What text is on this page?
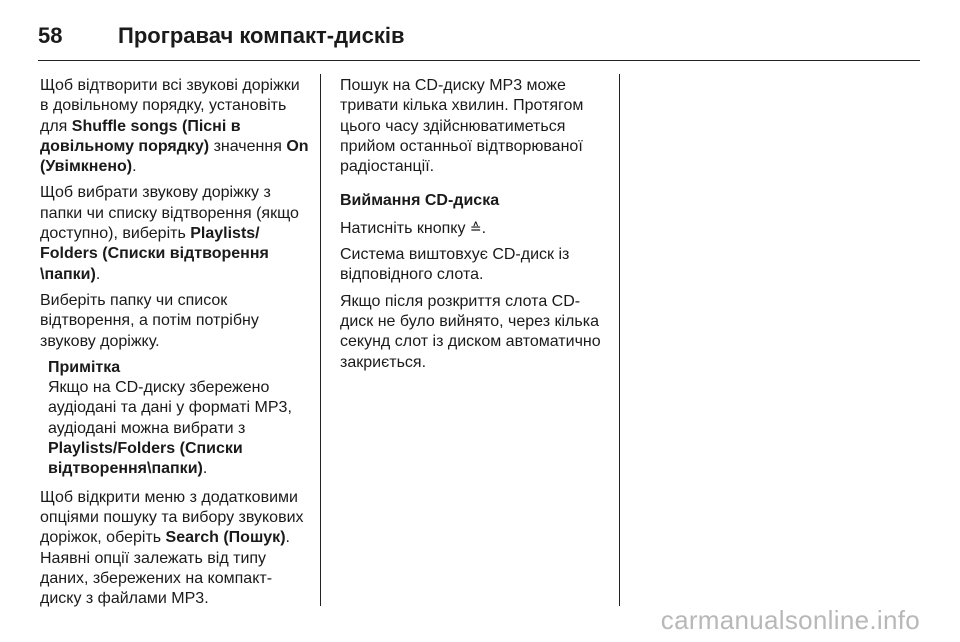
58	Програвач компакт-дисків

Щоб відтворити всі звукові доріжки в довільному порядку, установіть для Shuffle songs (Пісні в довільному порядку) значення On (Увімкнено).

Щоб вибрати звукову доріжку з папки чи списку відтворення (якщо доступно), виберіть Playlists/ Folders (Списки відтворення \папки).

Виберіть папку чи список відтворення, а потім потрібну звукову доріжку.

Примітка
Якщо на CD-диску збережено аудіодані та дані у форматі MP3, аудіодані можна вибрати з Playlists/Folders (Списки відтворення\папки).

Щоб відкрити меню з додатковими опціями пошуку та вибору звукових доріжок, оберіть Search (Пошук). Наявні опції залежать від типу даних, збережених на компакт-диску з файлами MP3.

Пошук на CD-диску MP3 може тривати кілька хвилин. Протягом цього часу здійснюватиметься прийом останньої відтворюваної радіостанції.

Виймання CD-диска

Натисніть кнопку ≙.

Система виштовхує CD-диск із відповідного слота.

Якщо після розкриття слота CD-диск не було вийнято, через кілька секунд слот із диском автоматично закриється.

carmanualsonline.info
